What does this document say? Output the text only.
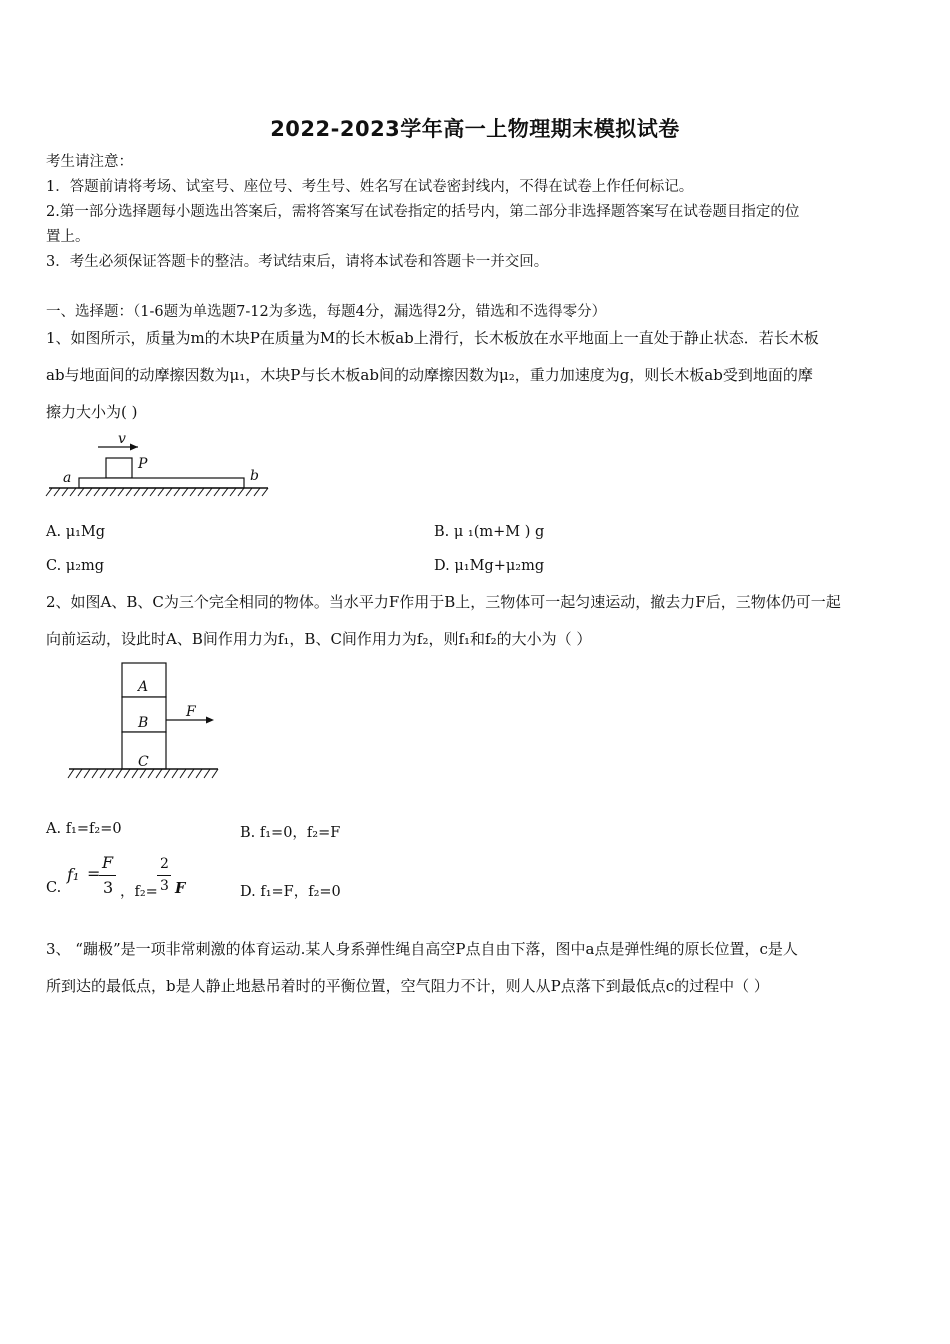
2022-2023学年高一上物理期末模拟试卷
考生请注意：
1．答题前请将考场、试室号、座位号、考生号、姓名写在试卷密封线内，不得在试卷上作任何标记。
2.第一部分选择题每小题选出答案后，需将答案写在试卷指定的括号内，第二部分非选择题答案写在试卷题目指定的位
置上。
3．考生必须保证答题卡的整洁。考试结束后，请将本试卷和答题卡一并交回。
一、选择题：（1-6题为单选题7-12为多选，每题4分，漏选得2分，错选和不选得零分）
1、如图所示，质量为m的木块P在质量为M的长木板ab上滑行，长木板放在水平地面上一直处于静止状态．若长木板
ab与地面间的动摩擦因数为μ₁，木块P与长木板ab间的动摩擦因数为μ₂，重力加速度为g，则长木板ab受到地面的摩
擦力大小为( )
v
P
a	b
A. μ₁Mg	B. μ ₁(m+M ) g
C. μ₂mg	D. μ₁Mg+μ₂mg
2、如图A、B、C为三个完全相同的物体。当水平力F作用于B上，三物体可一起匀速运动，撤去力F后，三物体仍可一起
向前运动，设此时A、B间作用力为f₁，B、C间作用力为f₂，则f₁和f₂的大小为（ ）
A
B
C
F
A. f₁=f₂=0	B. f₁=0，f₂=F
C.
f₁ =
F
3 ，f₂=
2
3 F	D. f₁=F，f₂=0
3、 “蹦极”是一项非常刺激的体育运动.某人身系弹性绳自高空P点自由下落，图中a点是弹性绳的原长位置，c是人
所到达的最低点，b是人静止地悬吊着时的平衡位置，空气阻力不计，则人从P点落下到最低点c的过程中（ ）
